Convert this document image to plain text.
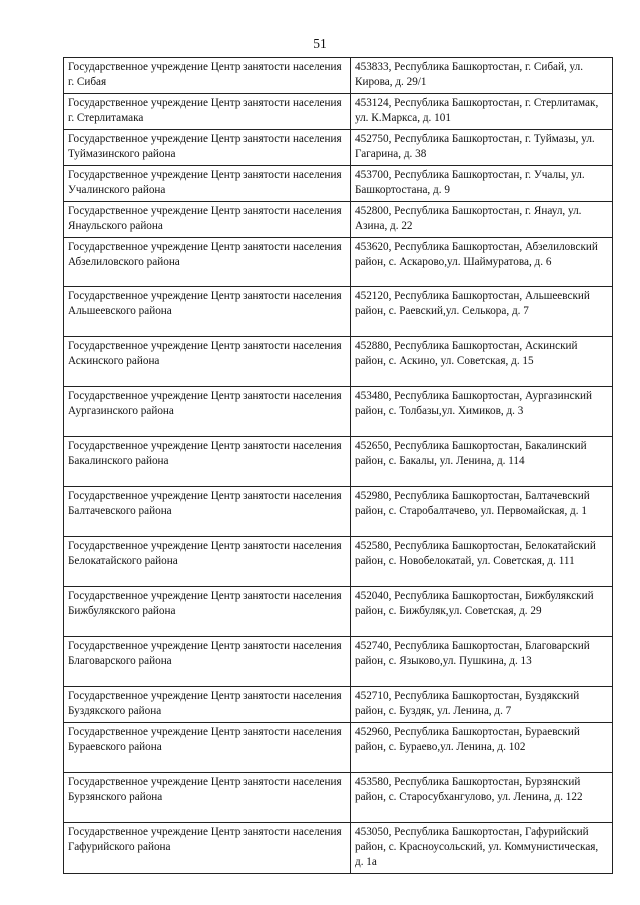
51
Государственное учреждение Центр занятости населения г. Сибая	453833, Республика Башкортостан, г. Сибай, ул. Кирова, д. 29/1
Государственное учреждение Центр занятости населения г. Стерлитамака	453124, Республика Башкортостан, г. Стерлитамак, ул. К.Маркса, д. 101
Государственное учреждение Центр занятости населения Туймазинского района	452750, Республика Башкортостан, г. Туймазы, ул. Гагарина, д. 38
Государственное учреждение Центр занятости населения Учалинского района	453700, Республика Башкортостан, г. Учалы, ул. Башкортостана, д. 9
Государственное учреждение Центр занятости населения Янаульского района	452800, Республика Башкортостан, г. Янаул, ул. Азина, д. 22
Государственное учреждение Центр занятости населения Абзелиловского района	453620, Республика Башкортостан, Абзелиловский район, с. Аскарово,ул. Шаймуратова, д. 6
Государственное учреждение Центр занятости населения Альшеевского района	452120, Республика Башкортостан, Альшеевский район, с. Раевский,ул. Селькора, д. 7
Государственное учреждение Центр занятости населения Аскинского района	452880, Республика Башкортостан, Аскинский район, с. Аскино, ул. Советская, д. 15
Государственное учреждение Центр занятости населения Аургазинского района	453480, Республика Башкортостан, Аургазинский район, с. Толбазы,ул. Химиков, д. 3
Государственное учреждение Центр занятости населения Бакалинского района	452650, Республика Башкортостан, Бакалинский район, с. Бакалы, ул. Ленина, д. 114
Государственное учреждение Центр занятости населения Балтачевского района	452980, Республика Башкортостан, Балтачевский район, с. Старобалтачево, ул. Первомайская, д. 1
Государственное учреждение Центр занятости населения Белокатайского района	452580, Республика Башкортостан, Белокатайский район, с. Новобелокатай, ул. Советская, д. 111
Государственное учреждение Центр занятости населения Бижбулякского района	452040, Республика Башкортостан, Бижбулякский район, с. Бижбуляк,ул. Советская, д. 29
Государственное учреждение Центр занятости населения Благоварского района	452740, Республика Башкортостан, Благоварский район, с. Языково,ул. Пушкина, д. 13
Государственное учреждение Центр занятости населения Буздякского района	452710, Республика Башкортостан, Буздякский район, с. Буздяк, ул. Ленина, д. 7
Государственное учреждение Центр занятости населения Бураевского района	452960, Республика Башкортостан, Бураевский район, с. Бураево,ул. Ленина, д. 102
Государственное учреждение Центр занятости населения Бурзянского района	453580, Республика Башкортостан, Бурзянский район, с. Старосубхангулово, ул. Ленина, д. 122
Государственное учреждение Центр занятости населения Гафурийского района	453050, Республика Башкортостан, Гафурийский район, с. Красноусольский, ул. Коммунистическая, д. 1а
